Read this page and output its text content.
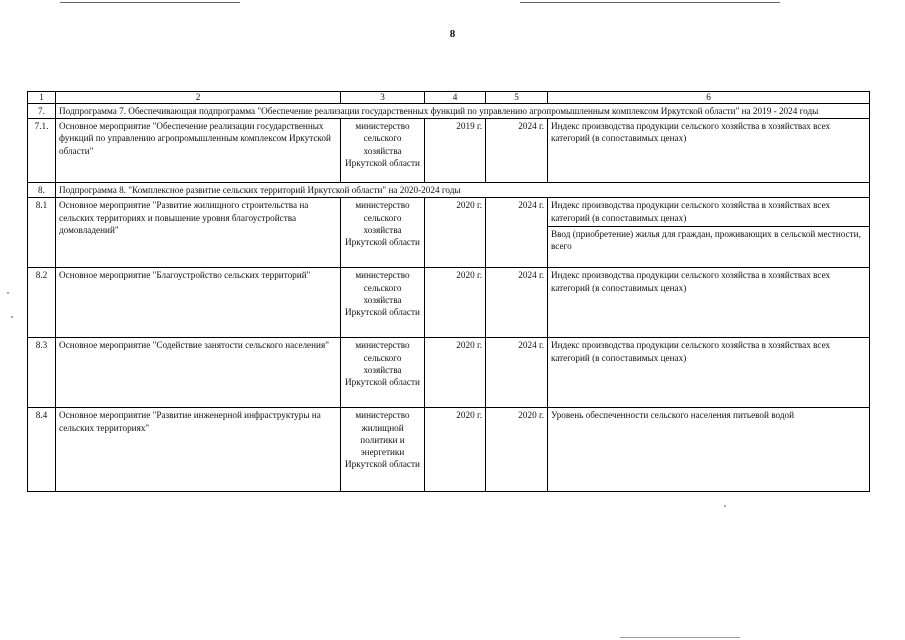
8
1	2	3	4	5	6
7.	Подпрограмма 7. Обеспечивающая подпрограмма "Обеспечение реализации государственных функций по управлению агропромышленным комплексом Иркутской области" на 2019 - 2024 годы				
7.1.	Основное мероприятие "Обеспечение реализации государственных функций по управлению агропромышленным комплексом Иркутской области"	министерство сельского хозяйства Иркутской области	2019 г.	2024 г.	Индекс производства продукции сельского хозяйства в хозяйствах всех категорий (в сопоставимых ценах)

8.	Подпрограмма 8. "Комплексное развитие сельских территорий Иркутской области" на 2020-2024 годы				
8.1	Основное мероприятие "Развитие жилищного строительства на сельских территориях и повышение уровня благоустройства домовладений"	министерство сельского хозяйства Иркутской области	2020 г.	2024 г.	Индекс производства продукции сельского хозяйства в хозяйствах всех категорий (в сопоставимых ценах)
Ввод (приобретение) жилья для граждан, проживающих в сельской местности, всего

8.2	Основное мероприятие "Благоустройство сельских территорий"	министерство сельского хозяйства Иркутской области	2020 г.	2024 г.	Индекс производства продукции сельского хозяйства в хозяйствах всех категорий (в сопоставимых ценах)

8.3	Основное мероприятие "Содействие занятости сельского населения"	министерство сельского хозяйства Иркутской области	2020 г.	2024 г.	Индекс производства продукции сельского хозяйства в хозяйствах всех категорий (в сопоставимых ценах)

8.4	Основное мероприятие "Развитие инженерной инфраструктуры на сельских территориях"	министерство жилищной политики и энергетики Иркутской области	2020 г.	2020 г.	Уровень обеспеченности сельского населения питьевой водой
